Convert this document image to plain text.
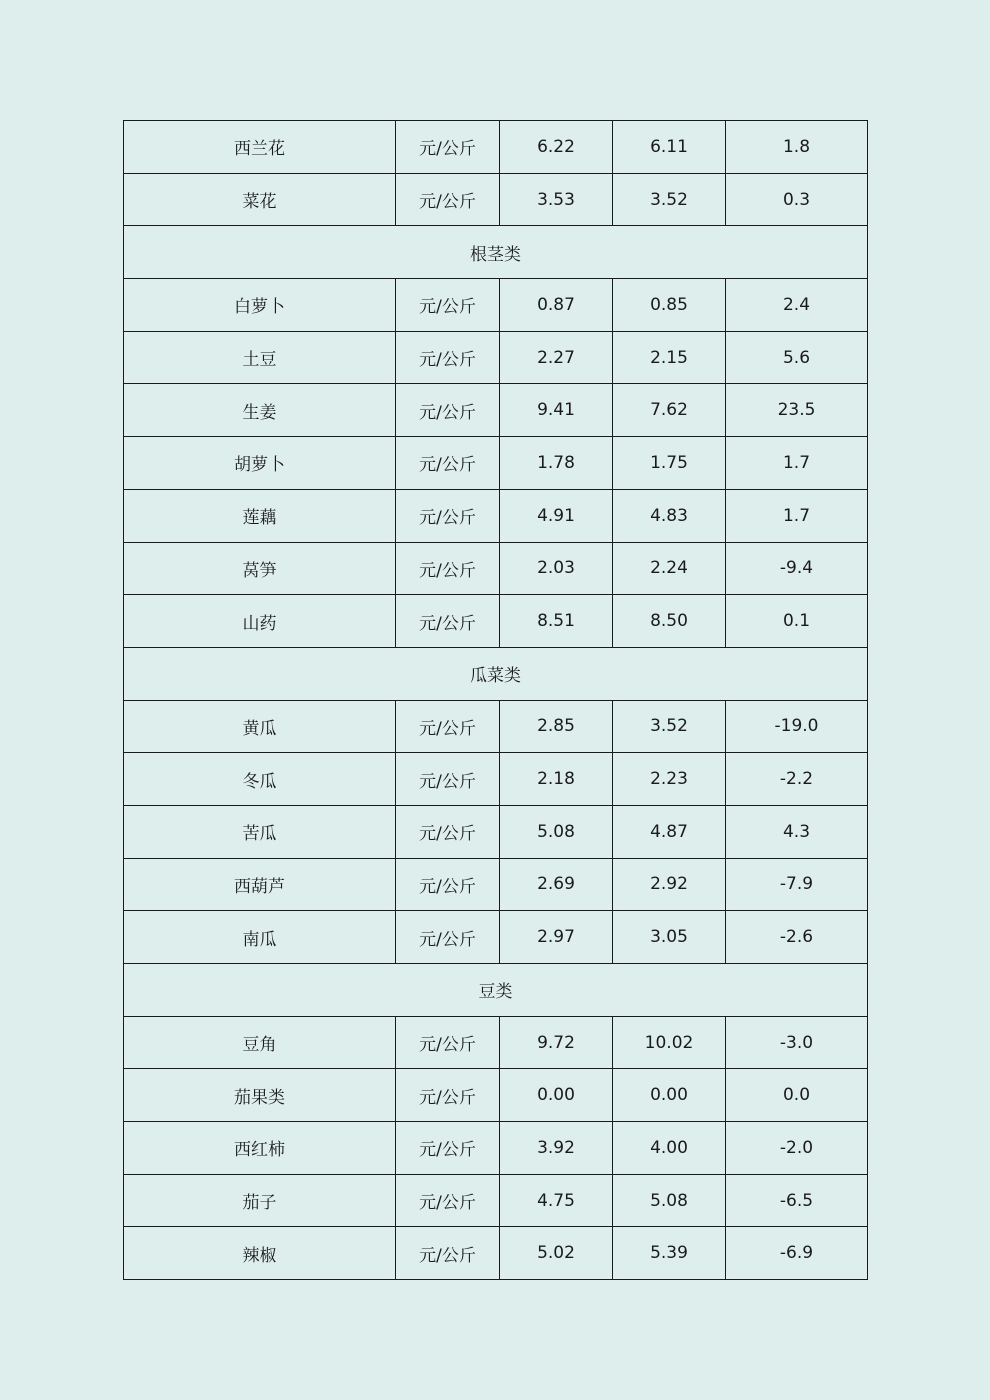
西兰花	元/公斤	6.22	6.11	1.8
菜花	元/公斤	3.53	3.52	0.3
根茎类				
白萝卜	元/公斤	0.87	0.85	2.4
土豆	元/公斤	2.27	2.15	5.6
生姜	元/公斤	9.41	7.62	23.5
胡萝卜	元/公斤	1.78	1.75	1.7
莲藕	元/公斤	4.91	4.83	1.7
莴笋	元/公斤	2.03	2.24	-9.4
山药	元/公斤	8.51	8.50	0.1
瓜菜类				
黄瓜	元/公斤	2.85	3.52	-19.0
冬瓜	元/公斤	2.18	2.23	-2.2
苦瓜	元/公斤	5.08	4.87	4.3
西葫芦	元/公斤	2.69	2.92	-7.9
南瓜	元/公斤	2.97	3.05	-2.6
豆类				
豆角	元/公斤	9.72	10.02	-3.0
茄果类	元/公斤	0.00	0.00	0.0
西红柿	元/公斤	3.92	4.00	-2.0
茄子	元/公斤	4.75	5.08	-6.5
辣椒	元/公斤	5.02	5.39	-6.9
